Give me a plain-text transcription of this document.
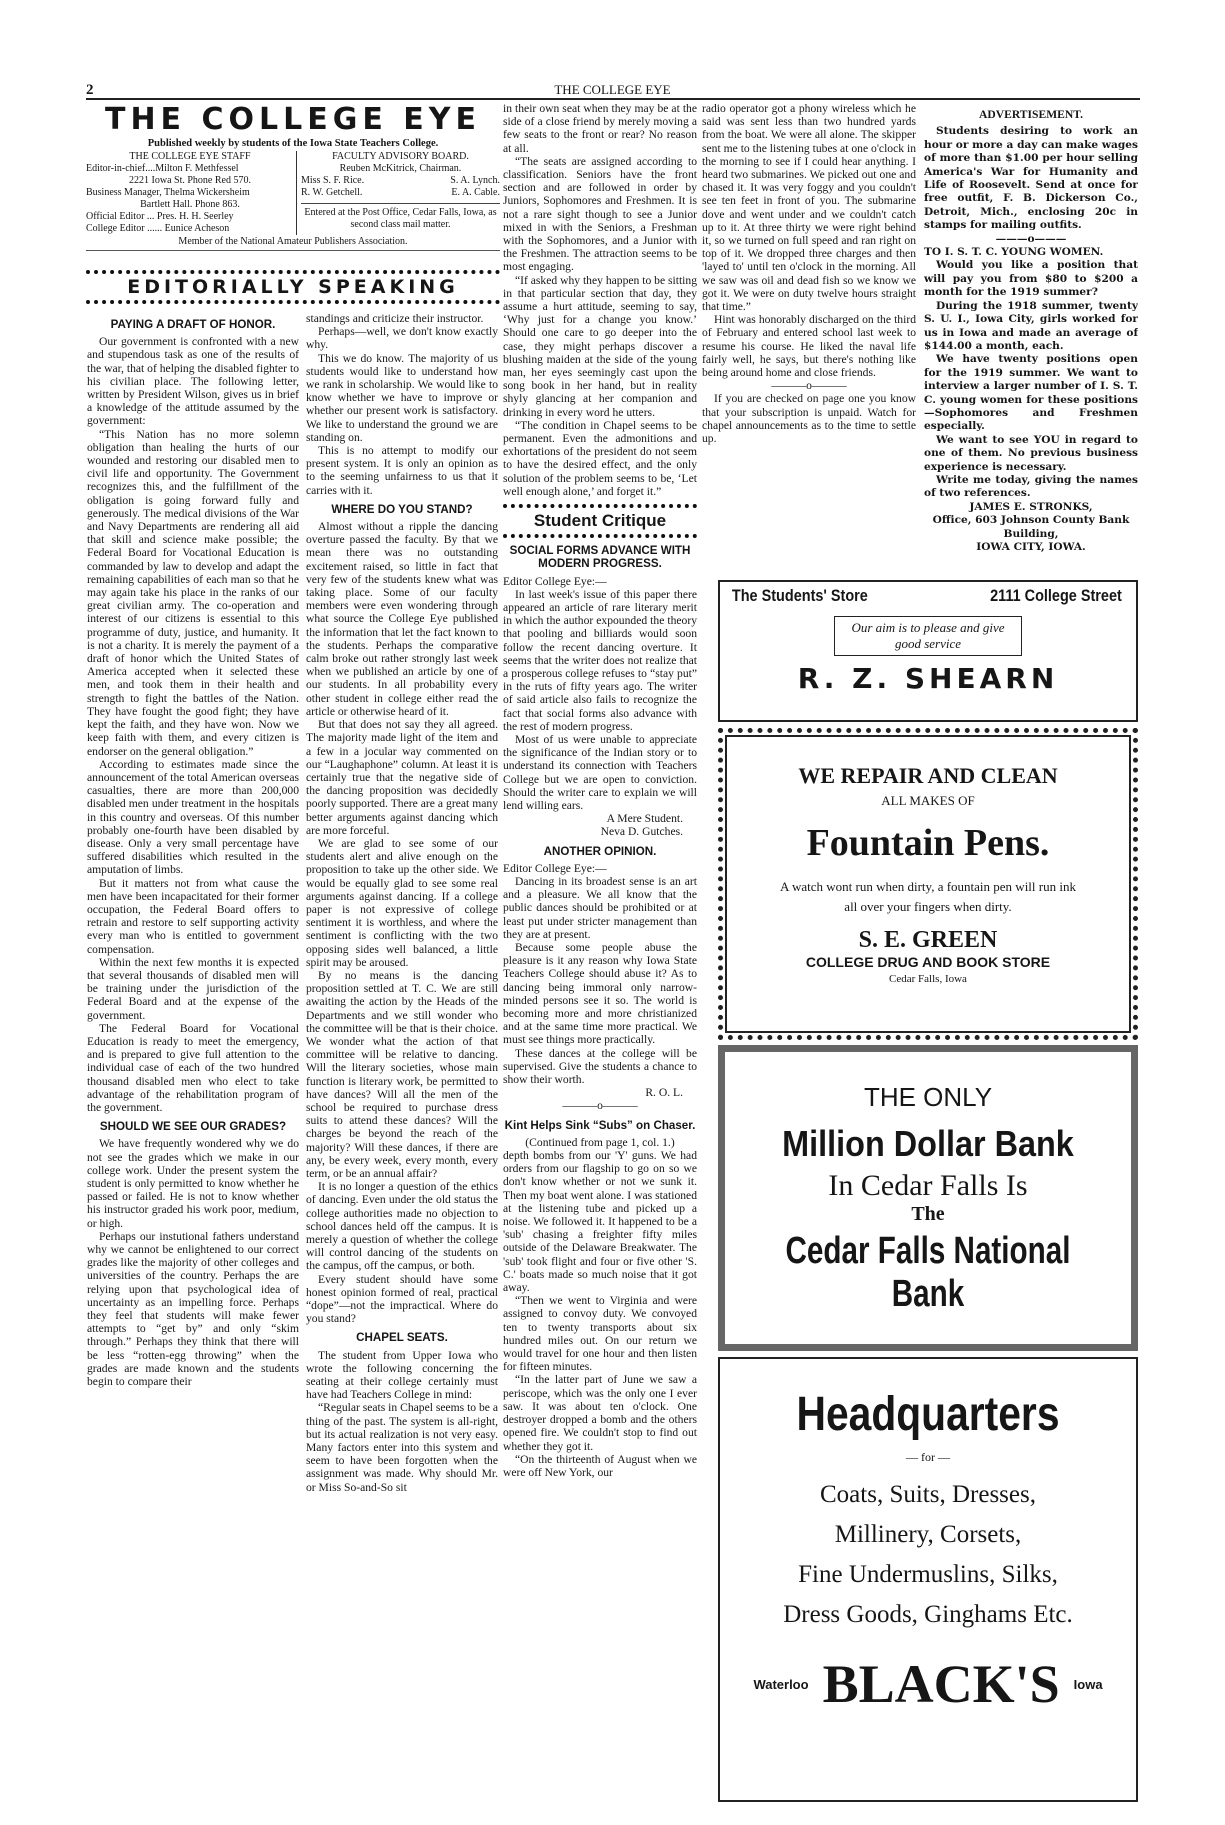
2	THE COLLEGE EYE
THE COLLEGE EYE
Published weekly by students of the Iowa State Teachers College.
THE COLLEGE EYE STAFF
Editor-in-chief....Milton F. Methfessel
2221 Iowa St. Phone Red 570.
Business Manager, Thelma Wickersheim
Bartlett Hall. Phone 863.
Official Editor ... Pres. H. H. Seerley
College Editor ...... Eunice Acheson
FACULTY ADVISORY BOARD.
Reuben McKitrick, Chairman.
Miss S. F. Rice.	S. A. Lynch.
R. W. Getchell.	E. A. Cable.
Entered at the Post Office, Cedar Falls, Iowa, as second class mail matter.
Member of the National Amateur Publishers Association.
EDITORIALLY SPEAKING
PAYING A DRAFT OF HONOR.

Our government is confronted with a new and stupendous task as one of the results of the war, that of helping the disabled fighter to his civilian place. The following letter, written by President Wilson, gives us in brief a knowledge of the attitude assumed by the government:

“This Nation has no more solemn obligation than healing the hurts of our wounded and restoring our disabled men to civil life and opportunity. The Government recognizes this, and the fulfillment of the obligation is going forward fully and generously. The medical divisions of the War and Navy Departments are rendering all aid that skill and science make possible; the Federal Board for Vocational Education is commanded by law to develop and adapt the remaining capabilities of each man so that he may again take his place in the ranks of our great civilian army. The co-operation and interest of our citizens is essential to this programme of duty, justice, and humanity. It is not a charity. It is merely the payment of a draft of honor which the United States of America accepted when it selected these men, and took them in their health and strength to fight the battles of the Nation. They have fought the good fight; they have kept the faith, and they have won. Now we keep faith with them, and every citizen is endorser on the general obligation.”

According to estimates made since the announcement of the total American overseas casualties, there are more than 200,000 disabled men under treatment in the hospitals in this country and overseas. Of this number probably one-fourth have been disabled by disease. Only a very small percentage have suffered disabilities which resulted in the amputation of limbs.

But it matters not from what cause the men have been incapacitated for their former occupation, the Federal Board offers to retrain and restore to self supporting activity every man who is entitled to government compensation.

Within the next few months it is expected that several thousands of disabled men will be training under the jurisdiction of the Federal Board and at the expense of the government.

The Federal Board for Vocational Education is ready to meet the emergency, and is prepared to give full attention to the individual case of each of the two hundred thousand disabled men who elect to take advantage of the rehabilitation program of the government.

SHOULD WE SEE OUR GRADES?

We have frequently wondered why we do not see the grades which we make in our college work. Under the present system the student is only permitted to know whether he passed or failed. He is not to know whether his instructor graded his work poor, medium, or high.

Perhaps our instutional fathers understand why we cannot be enlightened to our correct grades like the majority of other colleges and universities of the country. Perhaps the are relying upon that psychological idea of uncertainty as an impelling force. Perhaps they feel that students will make fewer attempts to “get by” and only “skim through.” Perhaps they think that there will be less “rotten-egg throwing” when the grades are made known and the students begin to compare their

standings and criticize their instructor.

Perhaps—well, we don't know exactly why.

This we do know. The majority of us students would like to understand how we rank in scholarship. We would like to know whether we have to improve or whether our present work is satisfactory. We like to understand the ground we are standing on.

This is no attempt to modify our present system. It is only an opinion as to the seeming unfairness to us that it carries with it.

WHERE DO YOU STAND?

Almost without a ripple the dancing overture passed the faculty. By that we mean there was no outstanding excitement raised, so little in fact that very few of the students knew what was taking place. Some of our faculty members were even wondering through what source the College Eye published the information that let the fact known to the students. Perhaps the comparative calm broke out rather strongly last week when we published an article by one of our students. In all probability every other student in college either read the article or otherwise heard of it.

But that does not say they all agreed. The majority made light of the item and a few in a jocular way commented on our “Laughaphone” column. At least it is certainly true that the negative side of the dancing proposition was decidedly poorly supported. There are a great many better arguments against dancing which are more forceful.

We are glad to see some of our students alert and alive enough on the proposition to take up the other side. We would be equally glad to see some real arguments against dancing. If a college paper is not expressive of college sentiment it is worthless, and where the sentiment is conflicting with the two opposing sides well balanced, a little spirit may be aroused.

By no means is the dancing proposition settled at T. C. We are still awaiting the action by the Heads of the Departments and we still wonder who the committee will be that is their choice. We wonder what the action of that committee will be relative to dancing. Will the literary societies, whose main function is literary work, be permitted to have dances? Will all the men of the school be required to purchase dress suits to attend these dances? Will the charges be beyond the reach of the majority? Will these dances, if there are any, be every week, every month, every term, or be an annual affair?

It is no longer a question of the ethics of dancing. Even under the old status the college authorities made no objection to school dances held off the campus. It is merely a question of whether the college will control dancing of the students on the campus, off the campus, or both.

Every student should have some honest opinion formed of real, practical “dope”—not the impractical. Where do you stand?

CHAPEL SEATS.

The student from Upper Iowa who wrote the following concerning the seating at their college certainly must have had Teachers College in mind:

“Regular seats in Chapel seems to be a thing of the past. The system is all-right, but its actual realization is not very easy. Many factors enter into this system and seem to have been forgotten when the assignment was made. Why should Mr. or Miss So-and-So sit

in their own seat when they may be at the side of a close friend by merely moving a few seats to the front or rear? No reason at all.

“The seats are assigned according to classification. Seniors have the front section and are followed in order by Juniors, Sophomores and Freshmen. It is not a rare sight though to see a Junior mixed in with the Seniors, a Freshman with the Sophomores, and a Junior with the Freshmen. The attraction seems to be most engaging.

“If asked why they happen to be sitting in that particular section that day, they assume a hurt attitude, seeming to say, ‘Why just for a change you know.’ Should one care to go deeper into the case, they might perhaps discover a blushing maiden at the side of the young man, her eyes seemingly cast upon the song book in her hand, but in reality shyly glancing at her companion and drinking in every word he utters.

“The condition in Chapel seems to be permanent. Even the admonitions and exhortations of the president do not seem to have the desired effect, and the only solution of the problem seems to be, ‘Let well enough alone,’ and forget it.”

Student Critique
SOCIAL FORMS ADVANCE WITH MODERN PROGRESS.

Editor College Eye:—

In last week's issue of this paper there appeared an article of rare literary merit in which the author expounded the theory that pooling and billiards would soon follow the recent dancing overture. It seems that the writer does not realize that a prosperous college refuses to “stay put” in the ruts of fifty years ago. The writer of said article also fails to recognize the fact that social forms also advance with the rest of modern progress.

Most of us were unable to appreciate the significance of the Indian story or to understand its connection with Teachers College but we are open to conviction. Should the writer care to explain we will lend willing ears.

A Mere Student.

Neva D. Gutches.

ANOTHER OPINION.

Editor College Eye:—

Dancing in its broadest sense is an art and a pleasure. We all know that the public dances should be prohibited or at least put under stricter management than they are at present.

Because some people abuse the pleasure is it any reason why Iowa State Teachers College should abuse it? As to dancing being immoral only narrow-minded persons see it so. The world is becoming more and more christianized and at the same time more practical. We must see things more practically.

These dances at the college will be supervised. Give the students a chance to show their worth.

R. O. L.

———o———

Kint Helps Sink “Subs” on Chaser.

(Continued from page 1, col. 1.)

depth bombs from our 'Y' guns. We had orders from our flagship to go on so we don't know whether or not we sunk it. Then my boat went alone. I was stationed at the listening tube and picked up a noise. We followed it. It happened to be a 'sub' chasing a freighter fifty miles outside of the Delaware Breakwater. The 'sub' took flight and four or five other 'S. C.' boats made so much noise that it got away.

“Then we went to Virginia and were assigned to convoy duty. We convoyed ten to twenty transports about six hundred miles out. On our return we would travel for one hour and then listen for fifteen minutes.

“In the latter part of June we saw a periscope, which was the only one I ever saw. It was about ten o'clock. One destroyer dropped a bomb and the others opened fire. We couldn't stop to find out whether they got it.

“On the thirteenth of August when we were off New York, our

radio operator got a phony wireless which he said was sent less than two hundred yards from the boat. We were all alone. The skipper sent me to the listening tubes at one o'clock in the morning to see if I could hear anything. I heard two submarines. We picked out one and chased it. It was very foggy and you couldn't see ten feet in front of you. The submarine dove and went under and we couldn't catch up to it. At three thirty we were right behind it, so we turned on full speed and ran right on top of it. We dropped three charges and then 'layed to' until ten o'clock in the morning. All we saw was oil and dead fish so we know we got it. We were on duty twelve hours straight that time.”

Hint was honorably discharged on the third of February and entered school last week to resume his course. He liked the naval life fairly well, he says, but there's nothing like being around home and close friends.

———o———

If you are checked on page one you know that your subscription is unpaid. Watch for chapel announcements as to the time to settle up.

ADVERTISEMENT.

Students desiring to work an hour or more a day can make wages of more than $1.00 per hour selling America's War for Humanity and Life of Roosevelt. Send at once for free outfit, F. B. Dickerson Co., Detroit, Mich., enclosing 20c in stamps for mailing outfits.

———o———

TO I. S. T. C. YOUNG WOMEN.

Would you like a position that will pay you from $80 to $200 a month for the 1919 summer?

During the 1918 summer, twenty S. U. I., Iowa City, girls worked for us in Iowa and made an average of $144.00 a month, each.

We have twenty positions open for the 1919 summer. We want to interview a larger number of I. S. T. C. young women for these positions—Sophomores and Freshmen especially.

We want to see YOU in regard to one of them. No previous business experience is necessary.

Write me today, giving the names of two references.

JAMES E. STRONKS,

Office, 603 Johnson County Bank Building,

IOWA CITY, IOWA.

The Students' Store	2111 College Street
Our aim is to please and give good service
R. Z. SHEARN
WE REPAIR AND CLEAN
ALL MAKES OF
Fountain Pens.
A watch wont run when dirty, a fountain pen will run ink all over your fingers when dirty.
S. E. GREEN
COLLEGE DRUG AND BOOK STORE
Cedar Falls, Iowa
THE ONLY
Million Dollar Bank
In Cedar Falls Is
The
Cedar Falls National Bank
Headquarters
— for —
Coats, Suits, Dresses,
Millinery, Corsets,
Fine Undermuslins, Silks,
Dress Goods, Ginghams Etc.
Waterloo BLACK'S Iowa
